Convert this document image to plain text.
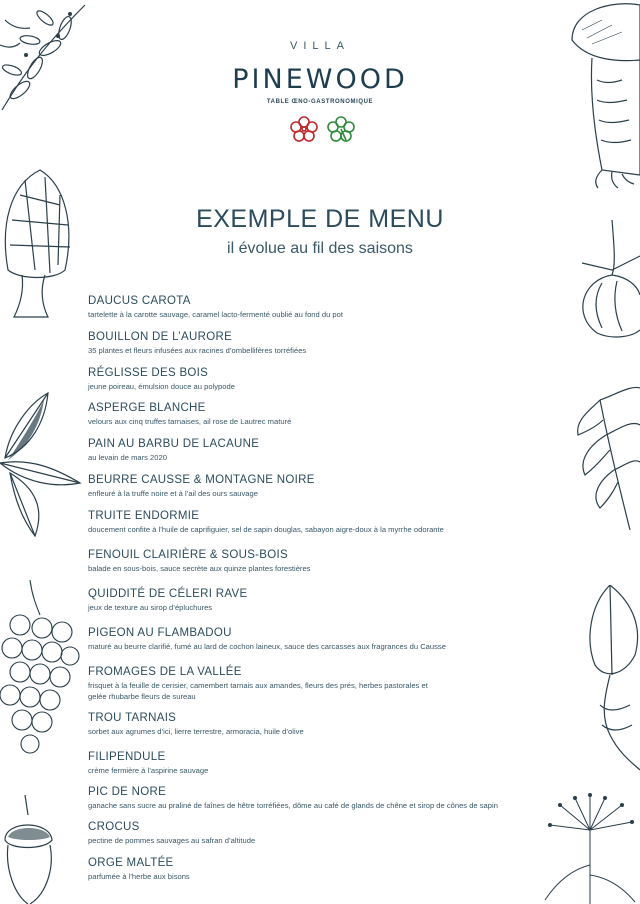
VILLA
PINEWOOD
TABLE ŒNO-GASTRONOMIQUE
EXEMPLE DE MENU
il évolue au fil des saisons
DAUCUS CAROTA
tartelette à la carotte sauvage, caramel lacto-fermenté oublié au fond du pot
BOUILLON DE L’AURORE
35 plantes et fleurs infusées aux racines d’ombellifères torréfiées
RÉGLISSE DES BOIS
jeune poireau, émulsion douce au polypode
ASPERGE BLANCHE
velours aux cinq truffes tarnaises, ail rose de Lautrec maturé
PAIN AU BARBU DE LACAUNE
au levain de mars 2020
BEURRE CAUSSE & MONTAGNE NOIRE
enfleuré à la truffe noire et à l’ail des ours sauvage
TRUITE ENDORMIE
doucement confite à l’huile de caprifiguier, sel de sapin douglas, sabayon aigre-doux à la myrrhe odorante
FENOUIL CLAIRIÈRE & SOUS-BOIS
balade en sous-bois, sauce secrète aux quinze plantes forestières
QUIDDITÉ DE CÉLERI RAVE
jeux de texture au sirop d’épluchures
PIGEON AU FLAMBADOU
maturé au beurre clarifié, fumé au lard de cochon laineux, sauce des carcasses aux fragrances du Causse
FROMAGES DE LA VALLÉE
frisquet à la feuille de cerisier, camembert tarnais aux amandes, fleurs des prés, herbes pastorales et
gelée rhubarbe fleurs de sureau
TROU TARNAIS
sorbet aux agrumes d’ici, lierre terrestre, armoracia, huile d’olive
FILIPENDULE
crème fermière à l’aspirine sauvage
PIC DE NORE
ganache sans sucre au praliné de faînes de hêtre torréfiées, dôme au café de glands de chêne et sirop de cônes de sapin
CROCUS
pectine de pommes sauvages au safran d’altitude
ORGE MALTÉE
parfumée à l’herbe aux bisons
